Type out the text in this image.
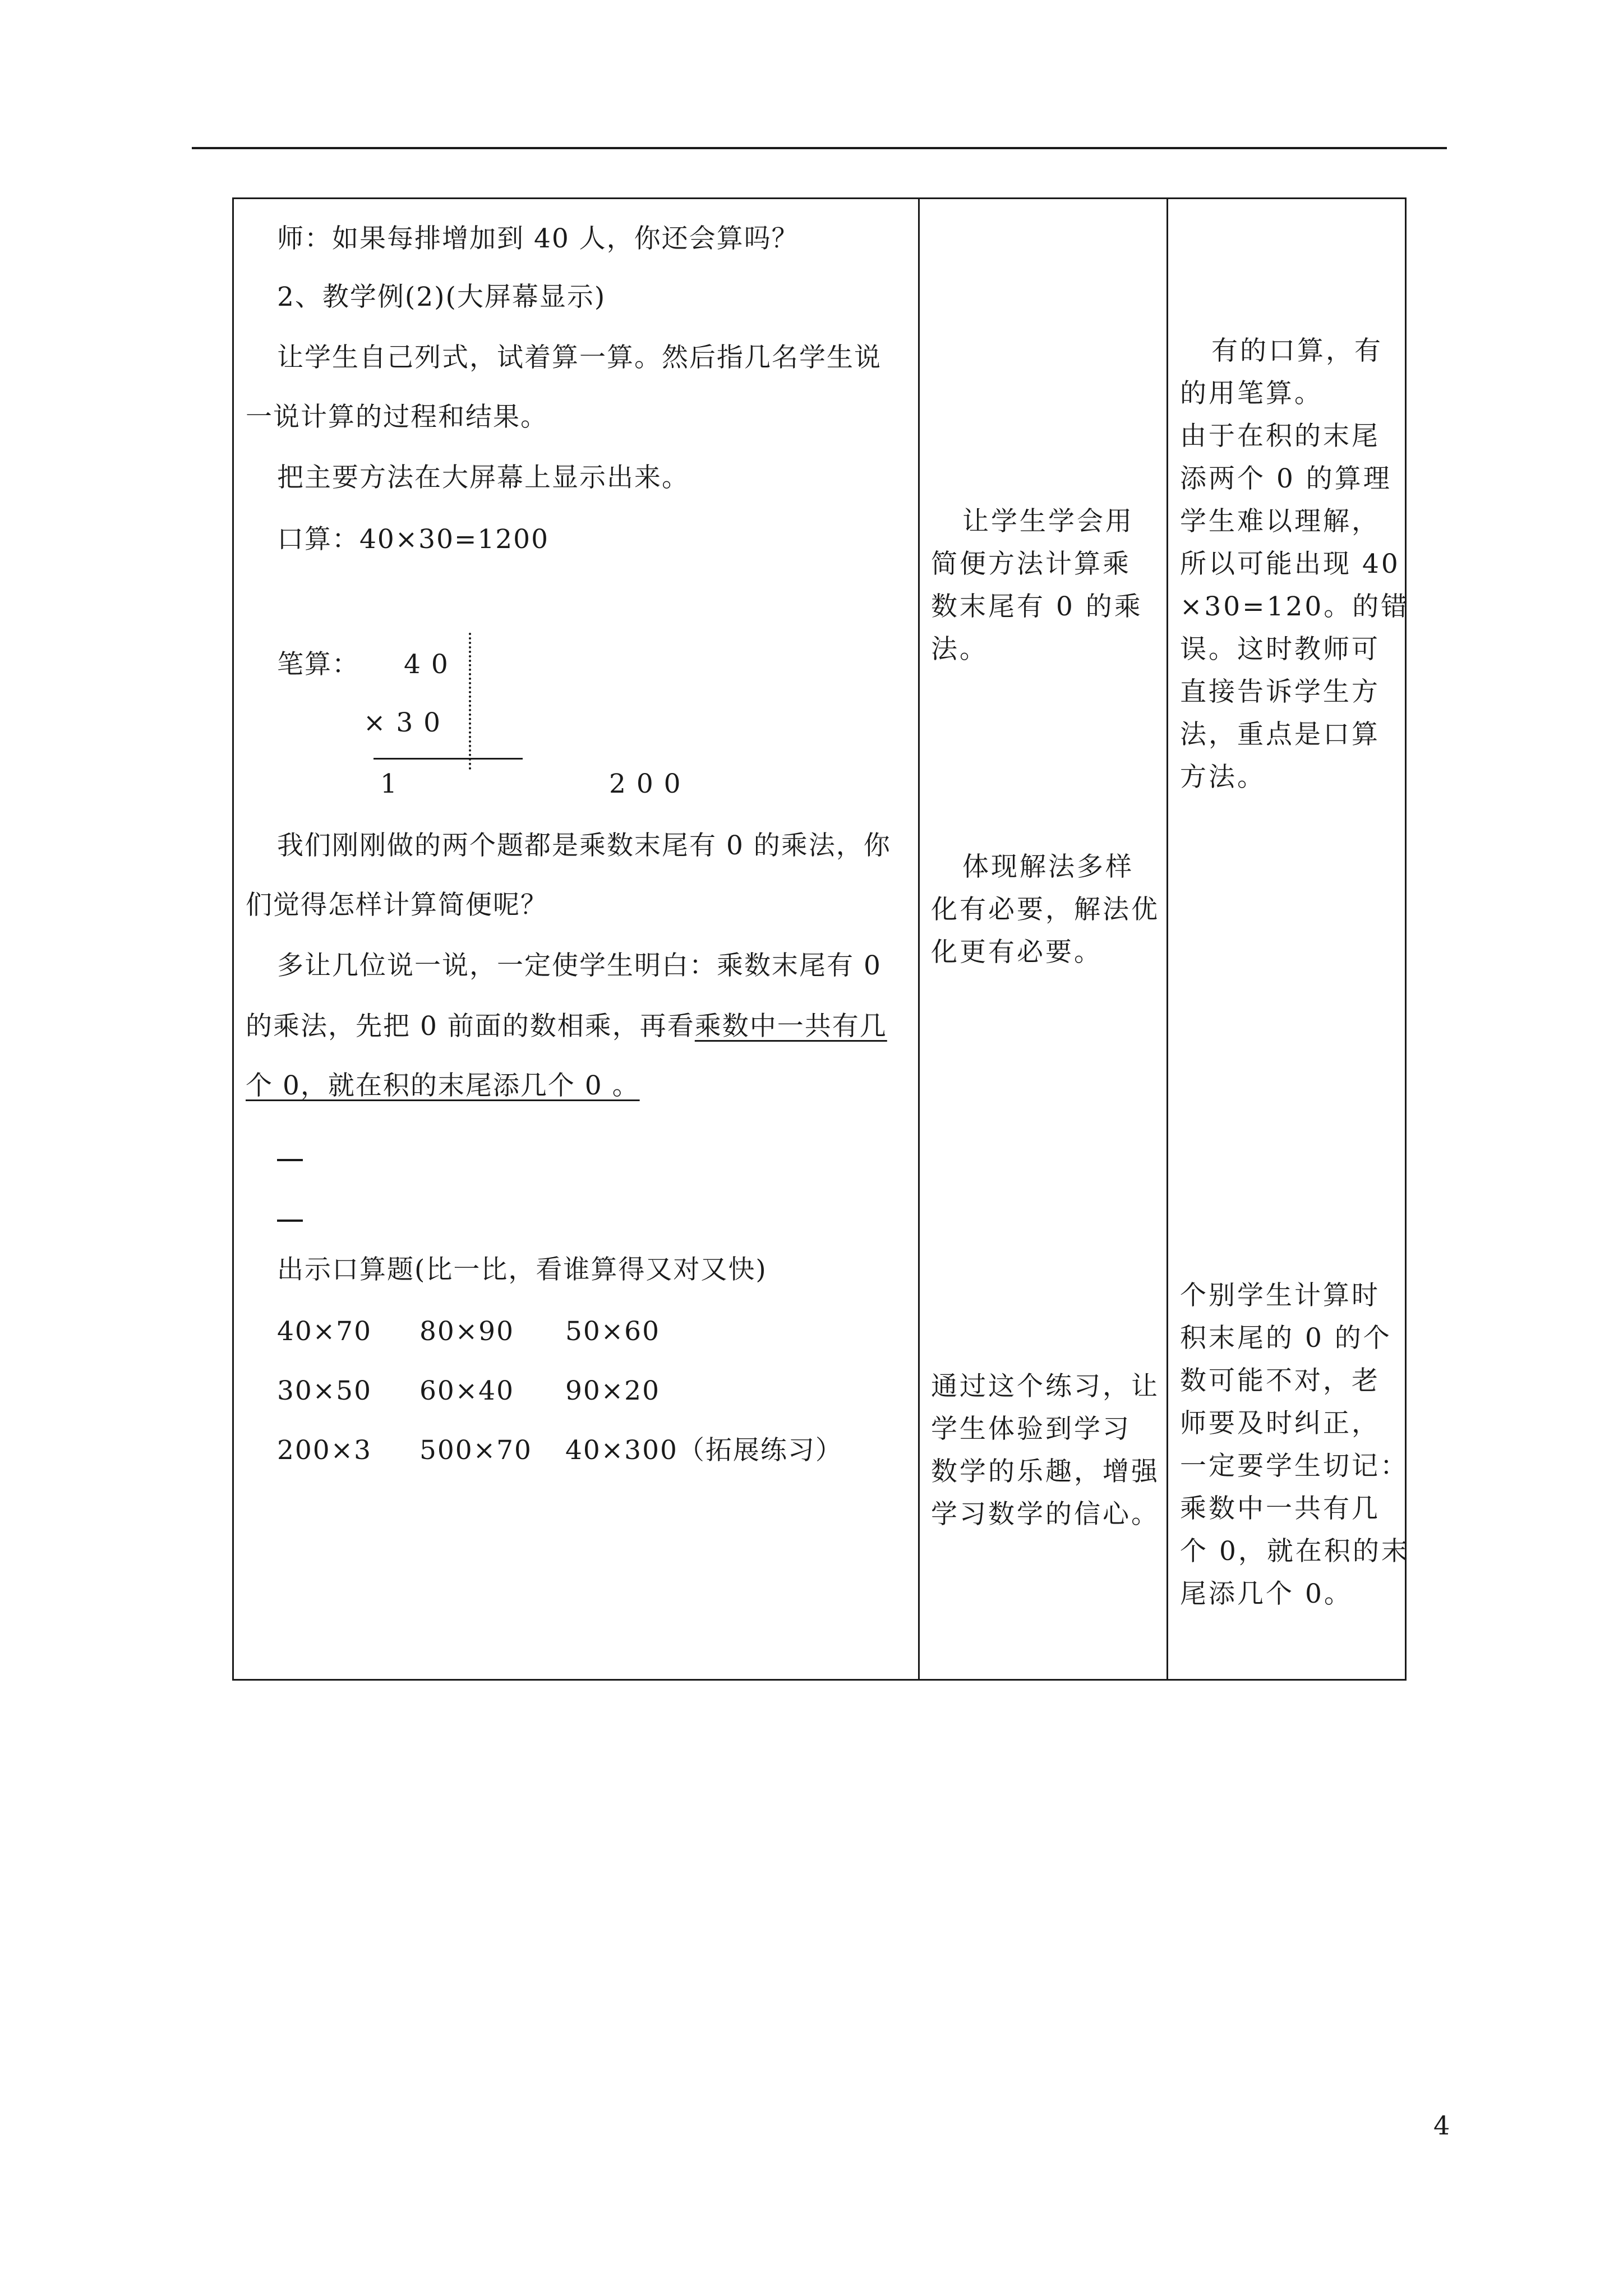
师：如果每排增加到 40 人，你还会算吗？
2、教学例(2)(大屏幕显示)
让学生自己列式，试着算一算。然后指几名学生说
一说计算的过程和结果。
把主要方法在大屏幕上显示出来。
口算：40×30=1200
笔算： 4 0
× 3 0
1	2 0 0
我们刚刚做的两个题都是乘数末尾有 0 的乘法，你
们觉得怎样计算简便呢？
多让几位说一说，一定使学生明白：乘数末尾有 0
的乘法，先把 0 前面的数相乘，再看乘数中一共有几
个 0，就在积的末尾添几个 0 。
出示口算题(比一比，看谁算得又对又快)
40×70 80×90 50×60
30×50 60×40 90×20
200×3 500×70 40×300（拓展练习）
让学生学会用
简便方法计算乘
数末尾有 0 的乘
法。
体现解法多样
化有必要，解法优
化更有必要。
通过这个练习，让
学生体验到学习
数学的乐趣，增强
学习数学的信心。
有的口算，有
的用笔算。
由于在积的末尾
添两个 0 的算理
学生难以理解，
所以可能出现 40
×30=120。的错
误。这时教师可
直接告诉学生方
法，重点是口算
方法。
个别学生计算时
积末尾的 0 的个
数可能不对，老
师要及时纠正，
一定要学生切记：
乘数中一共有几
个 0，就在积的末
尾添几个 0。
4
